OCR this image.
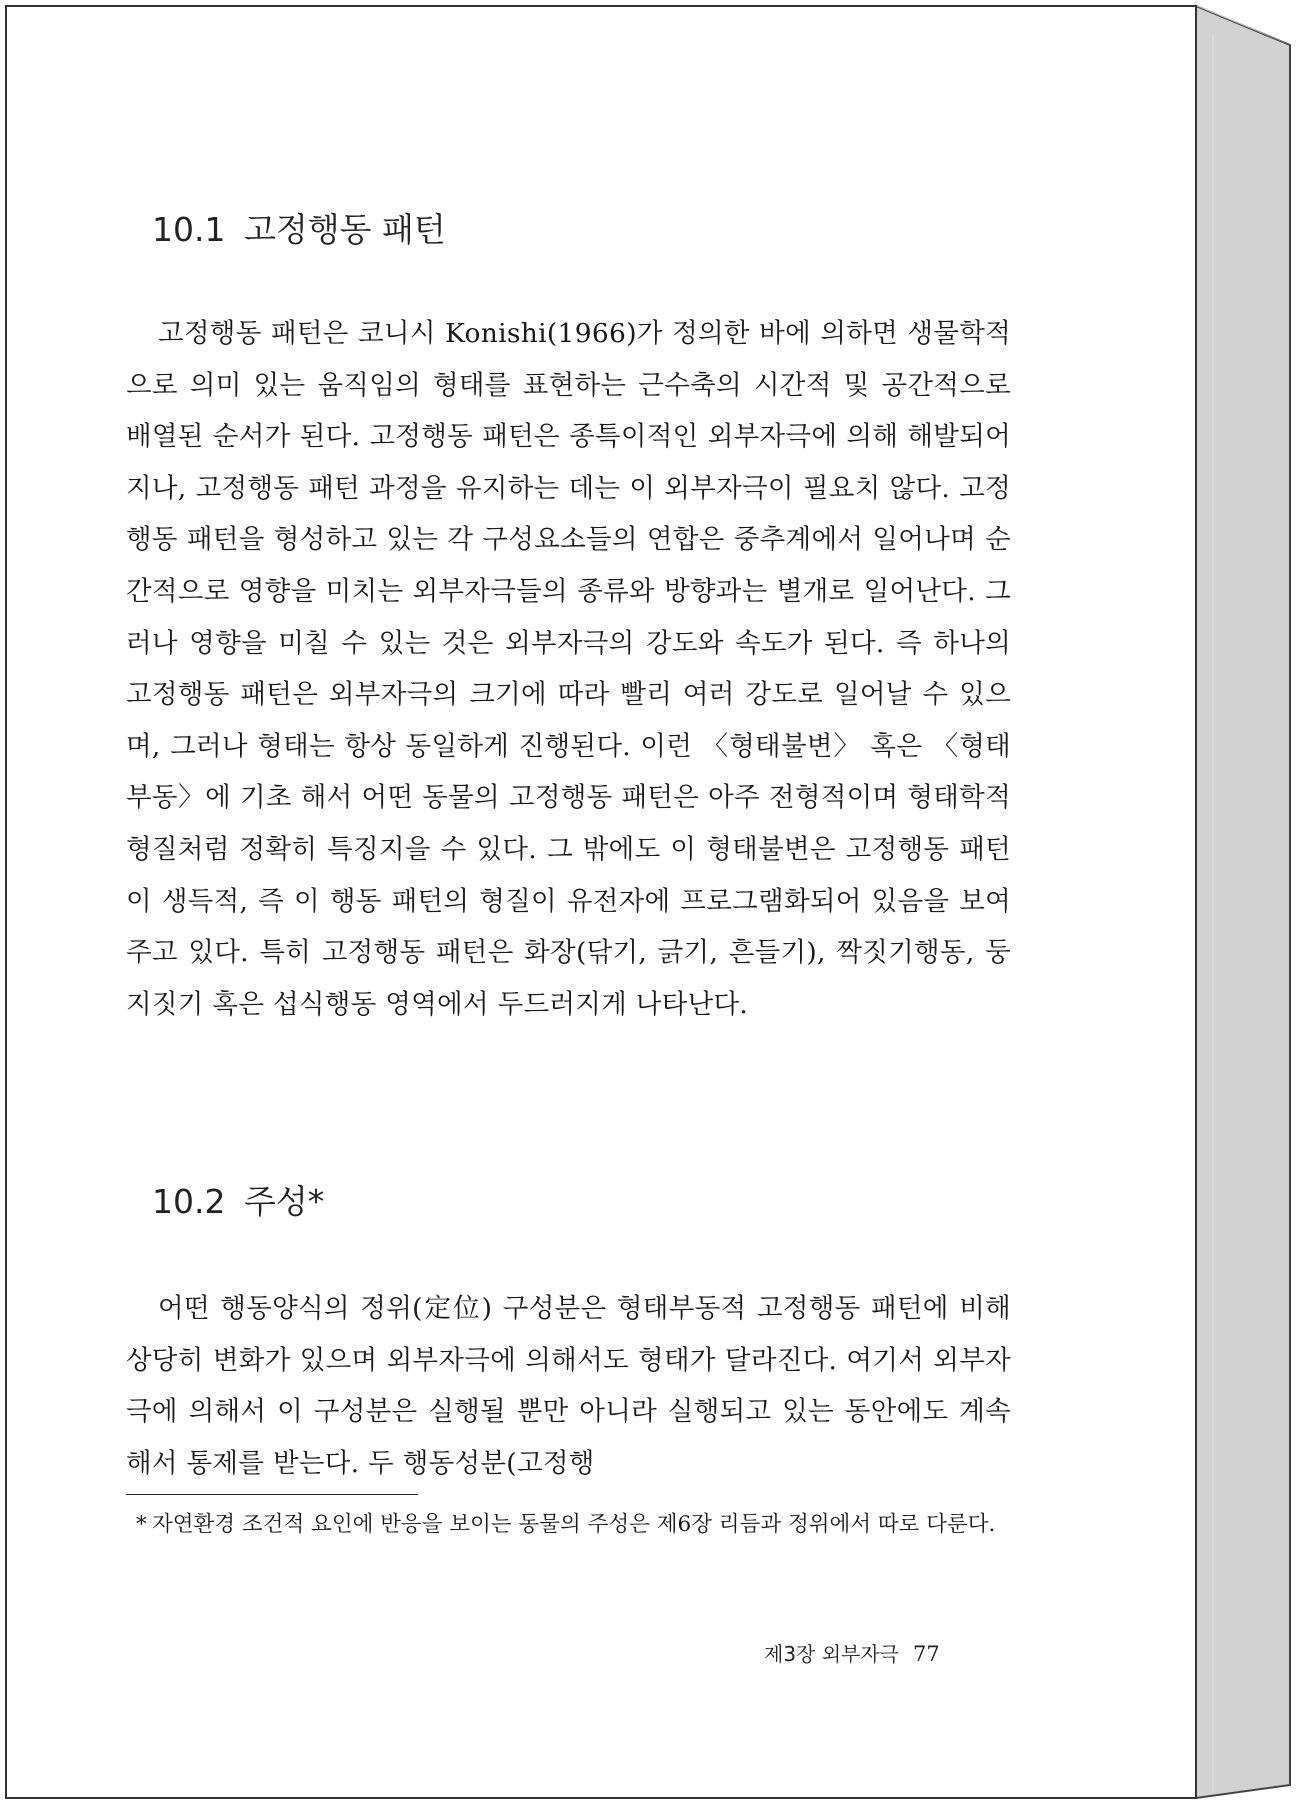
10.1 고정행동 패턴

고정행동 패턴은 코니시 Konishi(1966)가 정의한 바에 의하면 생물학적으로 의미 있는 움직임의 형태를 표현하는 근수축의 시간적 및 공간적으로 배열된 순서가 된다. 고정행동 패턴은 종특이적인 외부자극에 의해 해발되어지나, 고정행동 패턴 과정을 유지하는 데는 이 외부자극이 필요치 않다. 고정행동 패턴을 형성하고 있는 각 구성요소들의 연합은 중추계에서 일어나며 순간적으로 영향을 미치는 외부자극들의 종류와 방향과는 별개로 일어난다. 그러나 영향을 미칠 수 있는 것은 외부자극의 강도와 속도가 된다. 즉 하나의 고정행동 패턴은 외부자극의 크기에 따라 빨리 여러 강도로 일어날 수 있으며, 그러나 형태는 항상 동일하게 진행된다. 이런 〈형태불변〉 혹은 〈형태부동〉에 기초 해서 어떤 동물의 고정행동 패턴은 아주 전형적이며 형태학적 형질처럼 정확히 특징지을 수 있다. 그 밖에도 이 형태불변은 고정행동 패턴이 생득적, 즉 이 행동 패턴의 형질이 유전자에 프로그램화되어 있음을 보여주고 있다. 특히 고정행동 패턴은 화장(닦기, 긁기, 흔들기), 짝짓기행동, 둥지짓기 혹은 섭식행동 영역에서 두드러지게 나타난다.

10.2 주성*

어떤 행동양식의 정위(定位) 구성분은 형태부동적 고정행동 패턴에 비해 상당히 변화가 있으며 외부자극에 의해서도 형태가 달라진다. 여기서 외부자극에 의해서 이 구성분은 실행될 뿐만 아니라 실행되고 있는 동안에도 계속해서 통제를 받는다. 두 행동성분(고정행

* 자연환경 조건적 요인에 반응을 보이는 동물의 주성은 제6장 리듬과 정위에서 따로 다룬다.

제3장 외부자극 77
